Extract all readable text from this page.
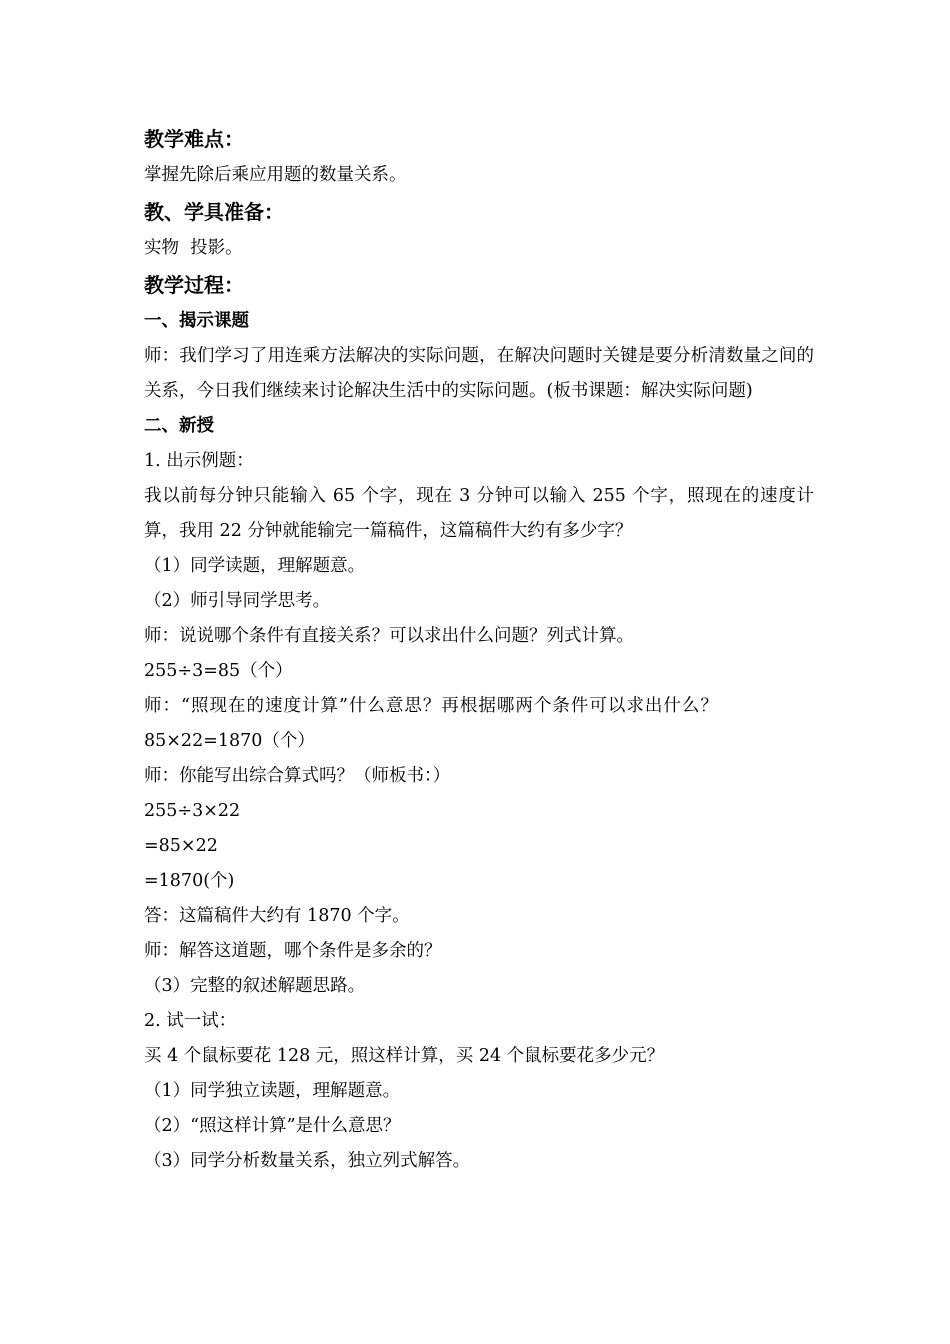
教学难点：
掌握先除后乘应用题的数量关系。
教、学具准备：
实物  投影。
教学过程：
一、揭示课题
师：我们学习了用连乘方法解决的实际问题，在解决问题时关键是要分析清数量之间的关系，今日我们继续来讨论解决生活中的实际问题。(板书课题：解决实际问题)
二、新授
1. 出示例题：
我以前每分钟只能输入 65 个字，现在 3 分钟可以输入 255 个字，照现在的速度计算，我用 22 分钟就能输完一篇稿件，这篇稿件大约有多少字？
（1）同学读题，理解题意。
（2）师引导同学思考。
师：说说哪个条件有直接关系？可以求出什么问题？列式计算。
255÷3=85（个）
师：“照现在的速度计算”什么意思？再根据哪两个条件可以求出什么？
85×22=1870（个）
师：你能写出综合算式吗？（师板书：）
255÷3×22
=85×22
=1870(个)
答：这篇稿件大约有 1870 个字。
师：解答这道题，哪个条件是多余的？
（3）完整的叙述解题思路。
2. 试一试：
买 4 个鼠标要花 128 元，照这样计算，买 24 个鼠标要花多少元？
（1）同学独立读题，理解题意。
（2）“照这样计算”是什么意思？
（3）同学分析数量关系，独立列式解答。
